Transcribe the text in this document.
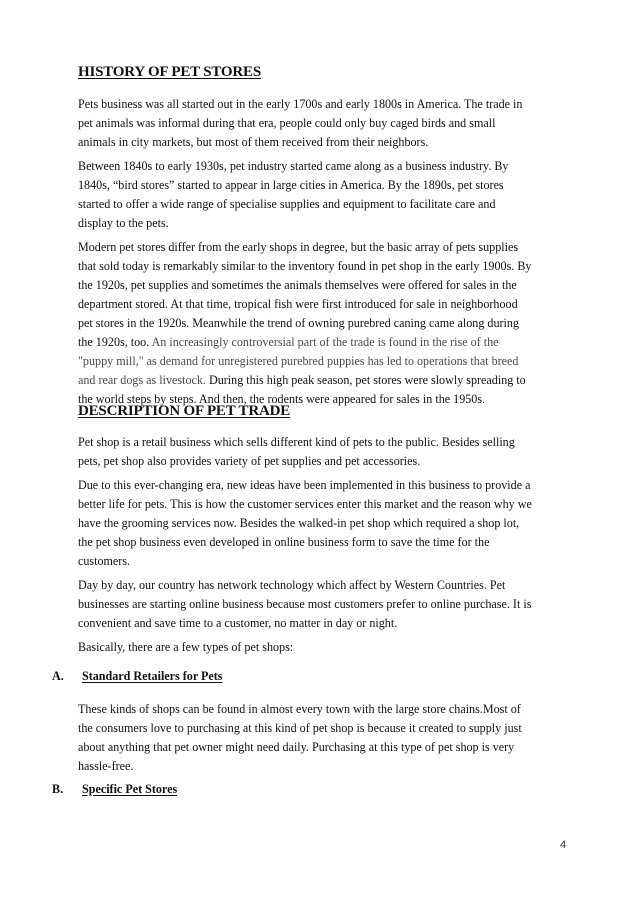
HISTORY OF PET STORES

Pets business was all started out in the early 1700s and early 1800s in America. The trade in
pet animals was informal during that era, people could only buy caged birds and small
animals in city markets, but most of them received from their neighbors.

Between 1840s to early 1930s, pet industry started came along as a business industry. By
1840s, “bird stores” started to appear in large cities in America. By the 1890s, pet stores
started to offer a wide range of specialise supplies and equipment to facilitate care and
display to the pets.

Modern pet stores differ from the early shops in degree, but the basic array of pets supplies
that sold today is remarkably similar to the inventory found in pet shop in the early 1900s. By
the 1920s, pet supplies and sometimes the animals themselves were offered for sales in the
department stored. At that time, tropical fish were first introduced for sale in neighborhood
pet stores in the 1920s. Meanwhile the trend of owning purebred caning came along during
the 1920s, too. An increasingly controversial part of the trade is found in the rise of the
"puppy mill," as demand for unregistered purebred puppies has led to operations that breed
and rear dogs as livestock. During this high peak season, pet stores were slowly spreading to
the world steps by steps. And then, the rodents were appeared for sales in the 1950s.

DESCRIPTION OF PET TRADE

Pet shop is a retail business which sells different kind of pets to the public. Besides selling
pets, pet shop also provides variety of pet supplies and pet accessories.

Due to this ever-changing era, new ideas have been implemented in this business to provide a
better life for pets. This is how the customer services enter this market and the reason why we
have the grooming services now. Besides the walked-in pet shop which required a shop lot,
the pet shop business even developed in online business form to save the time for the
customers.

Day by day, our country has network technology which affect by Western Countries. Pet
businesses are starting online business because most customers prefer to online purchase. It is
convenient and save time to a customer, no matter in day or night.

Basically, there are a few types of pet shops:

A. Standard Retailers for Pets

These kinds of shops can be found in almost every town with the large store chains.Most of
the consumers love to purchasing at this kind of pet shop is because it created to supply just
about anything that pet owner might need daily. Purchasing at this type of pet shop is very
hassle-free.

B. Specific Pet Stores
4
